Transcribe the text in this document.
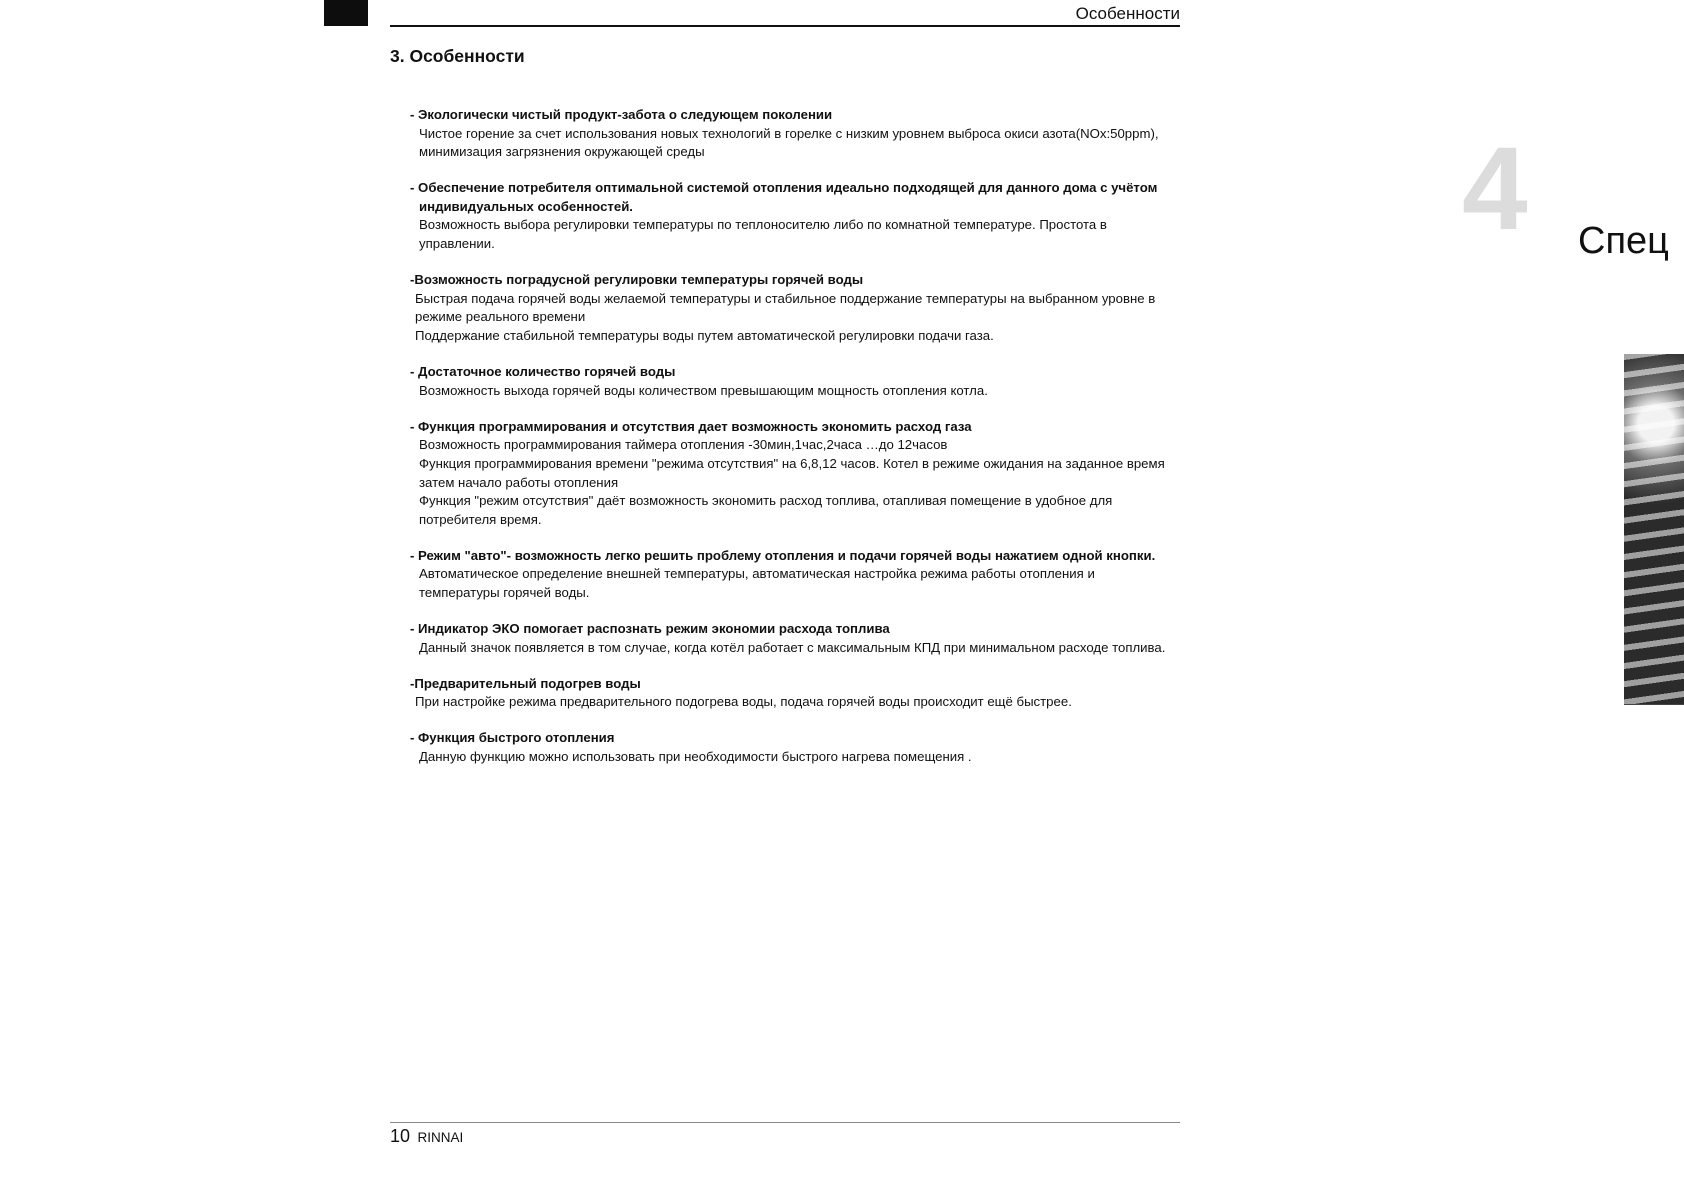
Особенности
3. Особенности
- Экологически чистый продукт-забота о следующем поколении
Чистое горение за счет использования новых технологий в горелке с низким уровнем выброса окиси азота(NOx:50ppm),
минимизация загрязнения окружающей среды
- Обеспечение потребителя оптимальной системой отопления идеально подходящей для данного дома с учётом
индивидуальных особенностей.
Возможность выбора регулировки температуры по теплоносителю либо по комнатной температуре. Простота в
управлении.
-Возможность поградусной регулировки температуры горячей воды
Быстрая подача горячей воды желаемой температуры и стабильное поддержание температуры на выбранном уровне в
режиме реального времени
Поддержание стабильной температуры воды путем автоматической регулировки подачи газа.
- Достаточное количество горячей воды
Возможность выхода горячей воды количеством превышающим мощность отопления котла.
- Функция программирования и отсутствия дает возможность экономить расход газа
Возможность программирования таймера отопления -30мин,1час,2часа …до 12часов
Функция программирования времени "режима отсутствия" на 6,8,12 часов. Котел в режиме ожидания на заданное время
затем начало работы отопления
Функция "режим отсутствия" даёт возможность экономить расход топлива, отапливая помещение в удобное для
потребителя время.
- Режим "авто"- возможность легко решить проблему отопления и подачи горячей воды нажатием одной кнопки.
Автоматическое определение внешней температуры, автоматическая настройка режима работы отопления и
температуры горячей воды.
- Индикатор ЭКО помогает распознать режим экономии расхода топлива
Данный значок появляется в том случае, когда котёл работает с максимальным КПД при минимальном расходе топлива.
-Предварительный подогрев воды
При настройке режима предварительного подогрева воды, подача горячей воды происходит ещё быстрее.
- Функция быстрого отопления
Данную функцию можно использовать при необходимости быстрого нагрева помещения .
10 RINNAI
4 Спец
